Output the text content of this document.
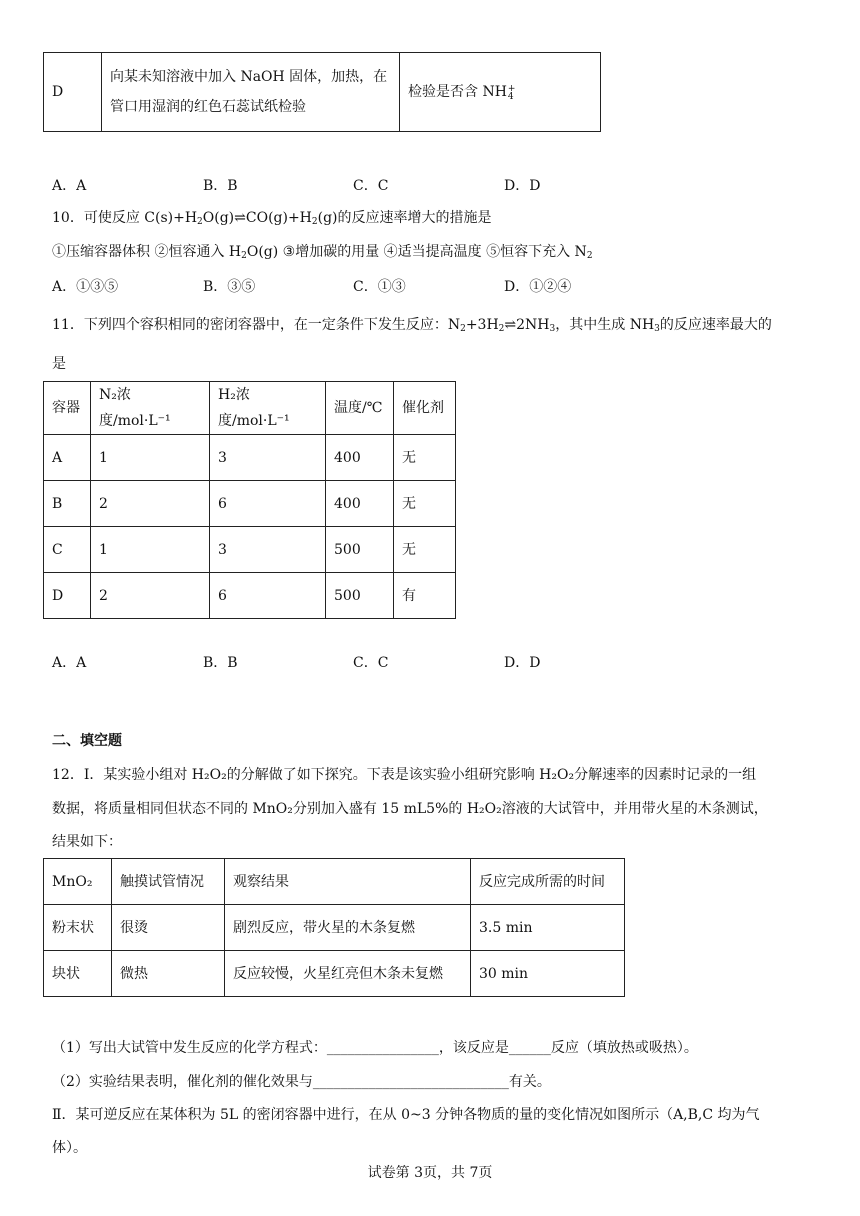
D	向某未知溶液中加入 NaOH 固体，加热，在管口用湿润的红色石蕊试纸检验	检验是否含 NH +
4
A．A	B．B	C．C	D．D
10．可使反应 $C(s)+H_2O(g)\rightleftharpoons CO(g)+H_2(g)$的反应速率增大的措施是
①压缩容器体积 ②恒容通入 $H_2O(g)$ ③增加碳的用量 ④适当提高温度 ⑤恒容下充入 $N_2$
A．①③⑤	B．③⑤	C．①③	D．①②④
11．下列四个容积相同的密闭容器中，在一定条件下发生反应：$N_2+3H_2\rightleftharpoons 2NH_3$，其中生成 $NH_3$的反应速率最大的
是
容器	N₂浓度/mol·L⁻¹	H₂浓度/mol·L⁻¹	温度/℃	催化剂
A	1	3	400	无
B	2	6	400	无
C	1	3	500	无
D	2	6	500	有
A．A	B．B	C．C	D．D
二、填空题
12．Ⅰ．某实验小组对 H₂O₂的分解做了如下探究。下表是该实验小组研究影响 H₂O₂分解速率的因素时记录的一组
数据，将质量相同但状态不同的 MnO₂分别加入盛有 15 mL5%的 H₂O₂溶液的大试管中，并用带火星的木条测试，
结果如下：
MnO₂	触摸试管情况	观察结果	反应完成所需的时间
粉末状	很烫	剧烈反应，带火星的木条复燃	3.5 min
块状	微热	反应较慢，火星红亮但木条未复燃	30 min
（1）写出大试管中发生反应的化学方程式：________________，该反应是______反应（填放热或吸热）。
（2）实验结果表明，催化剂的催化效果与____________________________有关。
Ⅱ．某可逆反应在某体积为 5L 的密闭容器中进行，在从 0~3 分钟各物质的量的变化情况如图所示（A,B,C 均为气
体）。
试卷第 3页，共 7页
